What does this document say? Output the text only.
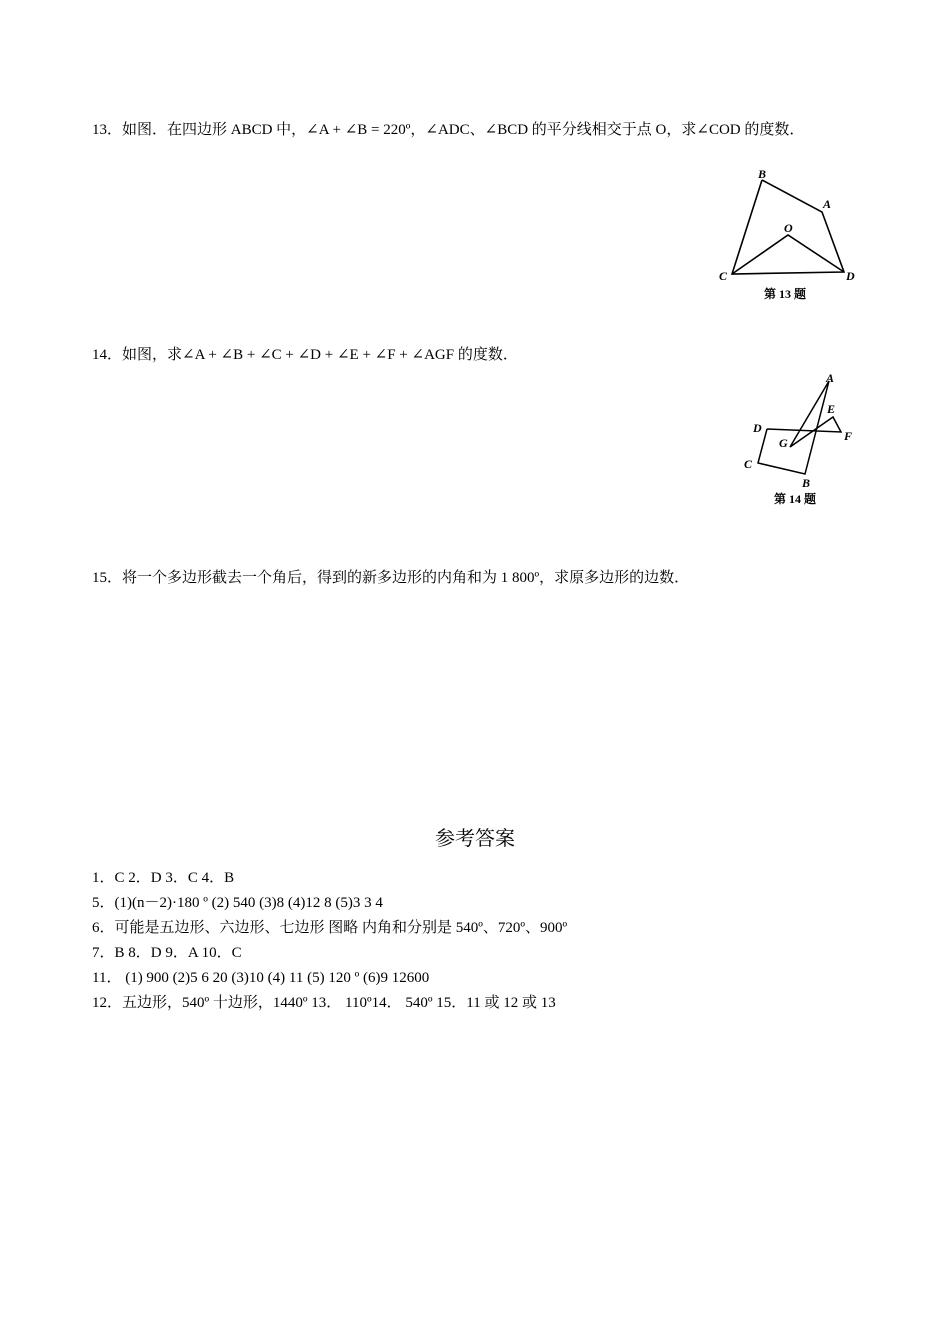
13．如图．在四边形 ABCD 中，∠A + ∠B = 220º，∠ADC、∠BCD 的平分线相交于点 O，求∠COD 的度数．
B
A
O
C	D
第 13 题
14．如图，求∠A + ∠B + ∠C + ∠D + ∠E + ∠F + ∠AGF 的度数．
A
E
D
F
G
C
B
第 14 题
15．将一个多边形截去一个角后，得到的新多边形的内角和为 1 800º，求原多边形的边数．
参考答案
1．C 2．D 3．C 4．B
5．(1)(n－2)·180 º (2) 540 (3)8 (4)12 8 (5)3 3 4
6．可能是五边形、六边形、七边形 图略 内角和分别是 540º、720º、900º
7．B 8．D 9．A 10．C
11． (1) 900 (2)5 6 20 (3)10 (4) 11 (5) 120 º (6)9 12600
12．五边形，540º 十边形，1440º 13． 110º14． 540º 15．11 或 12 或 13
